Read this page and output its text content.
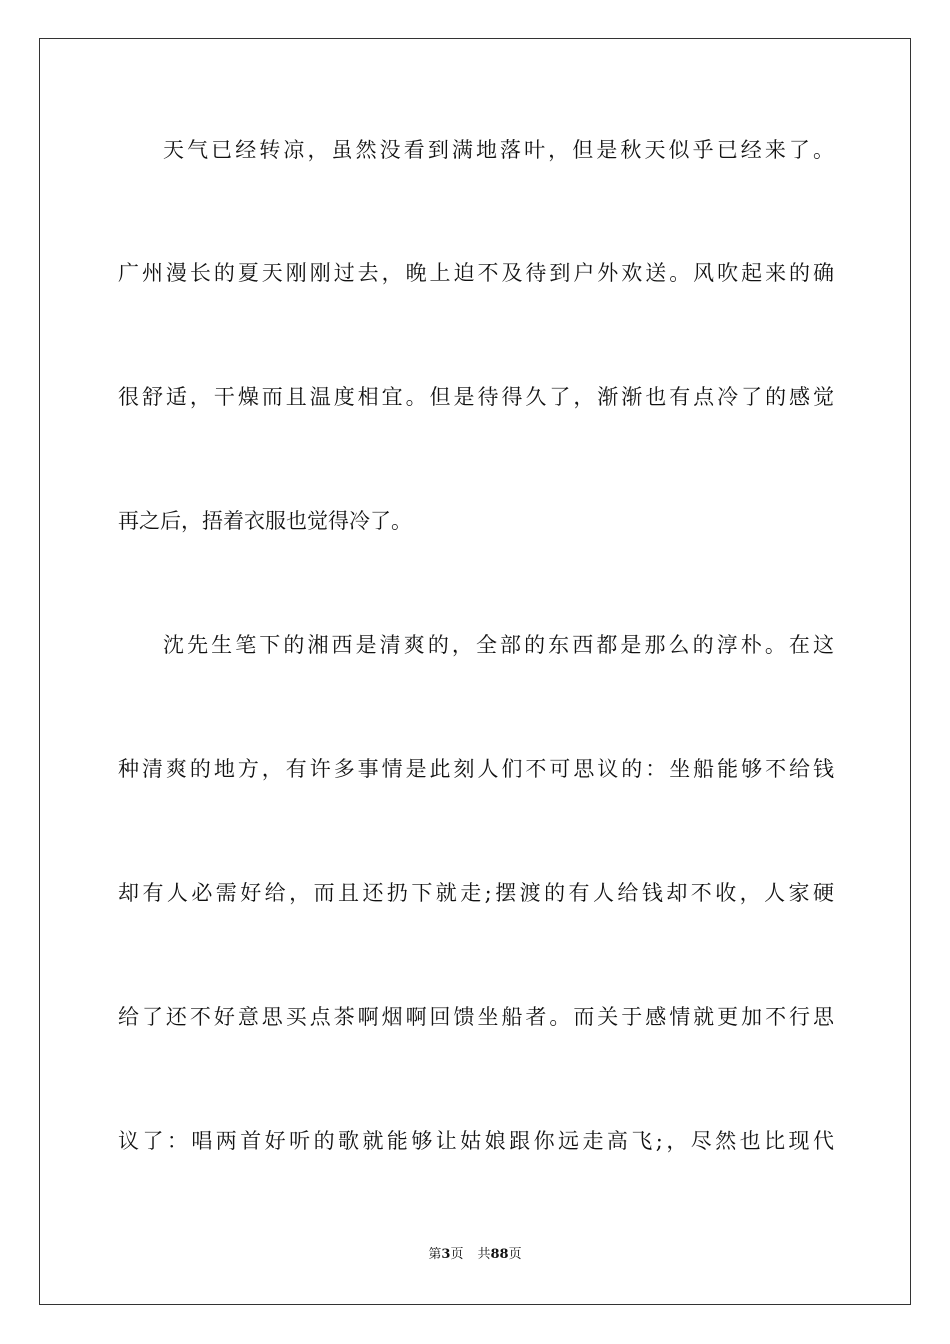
天气已经转凉，虽然没看到满地落叶，但是秋天似乎已经来了。
广州漫长的夏天刚刚过去，晚上迫不及待到户外欢送。风吹起来的确
很舒适，干燥而且温度相宜。但是待得久了，渐渐也有点冷了的感觉
再之后，捂着衣服也觉得冷了。
沈先生笔下的湘西是清爽的，全部的东西都是那么的淳朴。在这
种清爽的地方，有许多事情是此刻人们不可思议的：坐船能够不给钱
却有人必需好给，而且还扔下就走;摆渡的有人给钱却不收，人家硬
给了还不好意思买点茶啊烟啊回馈坐船者。而关于感情就更加不行思
议了：唱两首好听的歌就能够让姑娘跟你远走高飞;，尽然也比现代
第3页 共88页
